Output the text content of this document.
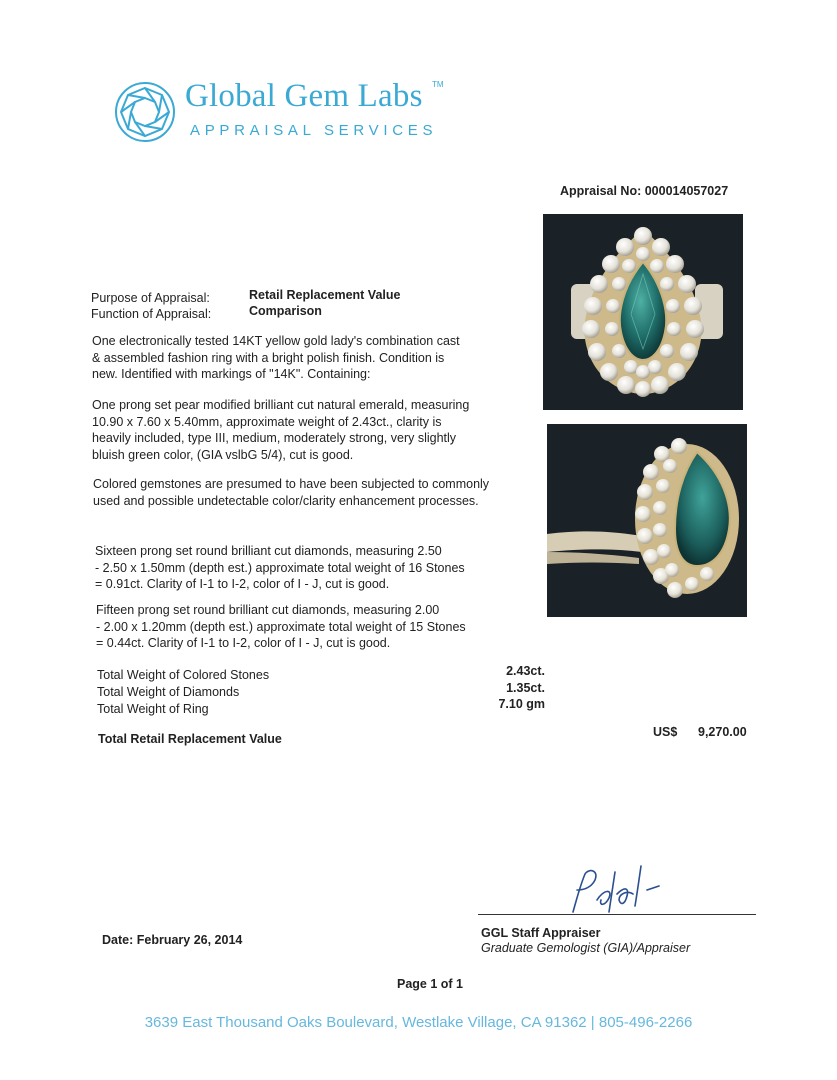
Global Gem Labs TM
APPRAISAL SERVICES
Appraisal No: 000014057027
Purpose of Appraisal:	Retail Replacement Value
Function of Appraisal:	Comparison
One electronically tested 14KT yellow gold lady's combination cast
& assembled fashion ring with a bright polish finish. Condition is
new. Identified with markings of "14K". Containing:
One prong set pear modified brilliant cut natural emerald, measuring
10.90 x 7.60 x 5.40mm, approximate weight of 2.43ct., clarity is
heavily included, type III, medium, moderately strong, very slightly
bluish green color, (GIA vslbG 5/4), cut is good.
Colored gemstones are presumed to have been subjected to commonly
used and possible undetectable color/clarity enhancement processes.
Sixteen prong set round brilliant cut diamonds, measuring 2.50
- 2.50 x 1.50mm (depth est.) approximate total weight of 16 Stones
= 0.91ct. Clarity of I-1 to I-2, color of I - J, cut is good.
Fifteen prong set round brilliant cut diamonds, measuring 2.00
- 2.00 x 1.20mm (depth est.) approximate total weight of 15 Stones
= 0.44ct. Clarity of I-1 to I-2, color of I - J, cut is good.
Total Weight of Colored Stones	2.43ct.
Total Weight of Diamonds	1.35ct.
Total Weight of Ring	7.10 gm
Total Retail Replacement Value	US$ 9,270.00
Date: February 26, 2014	GGL Staff Appraiser
Graduate Gemologist (GIA)/Appraiser
Page 1 of 1
3639 East Thousand Oaks Boulevard, Westlake Village, CA 91362 | 805-496-2266
